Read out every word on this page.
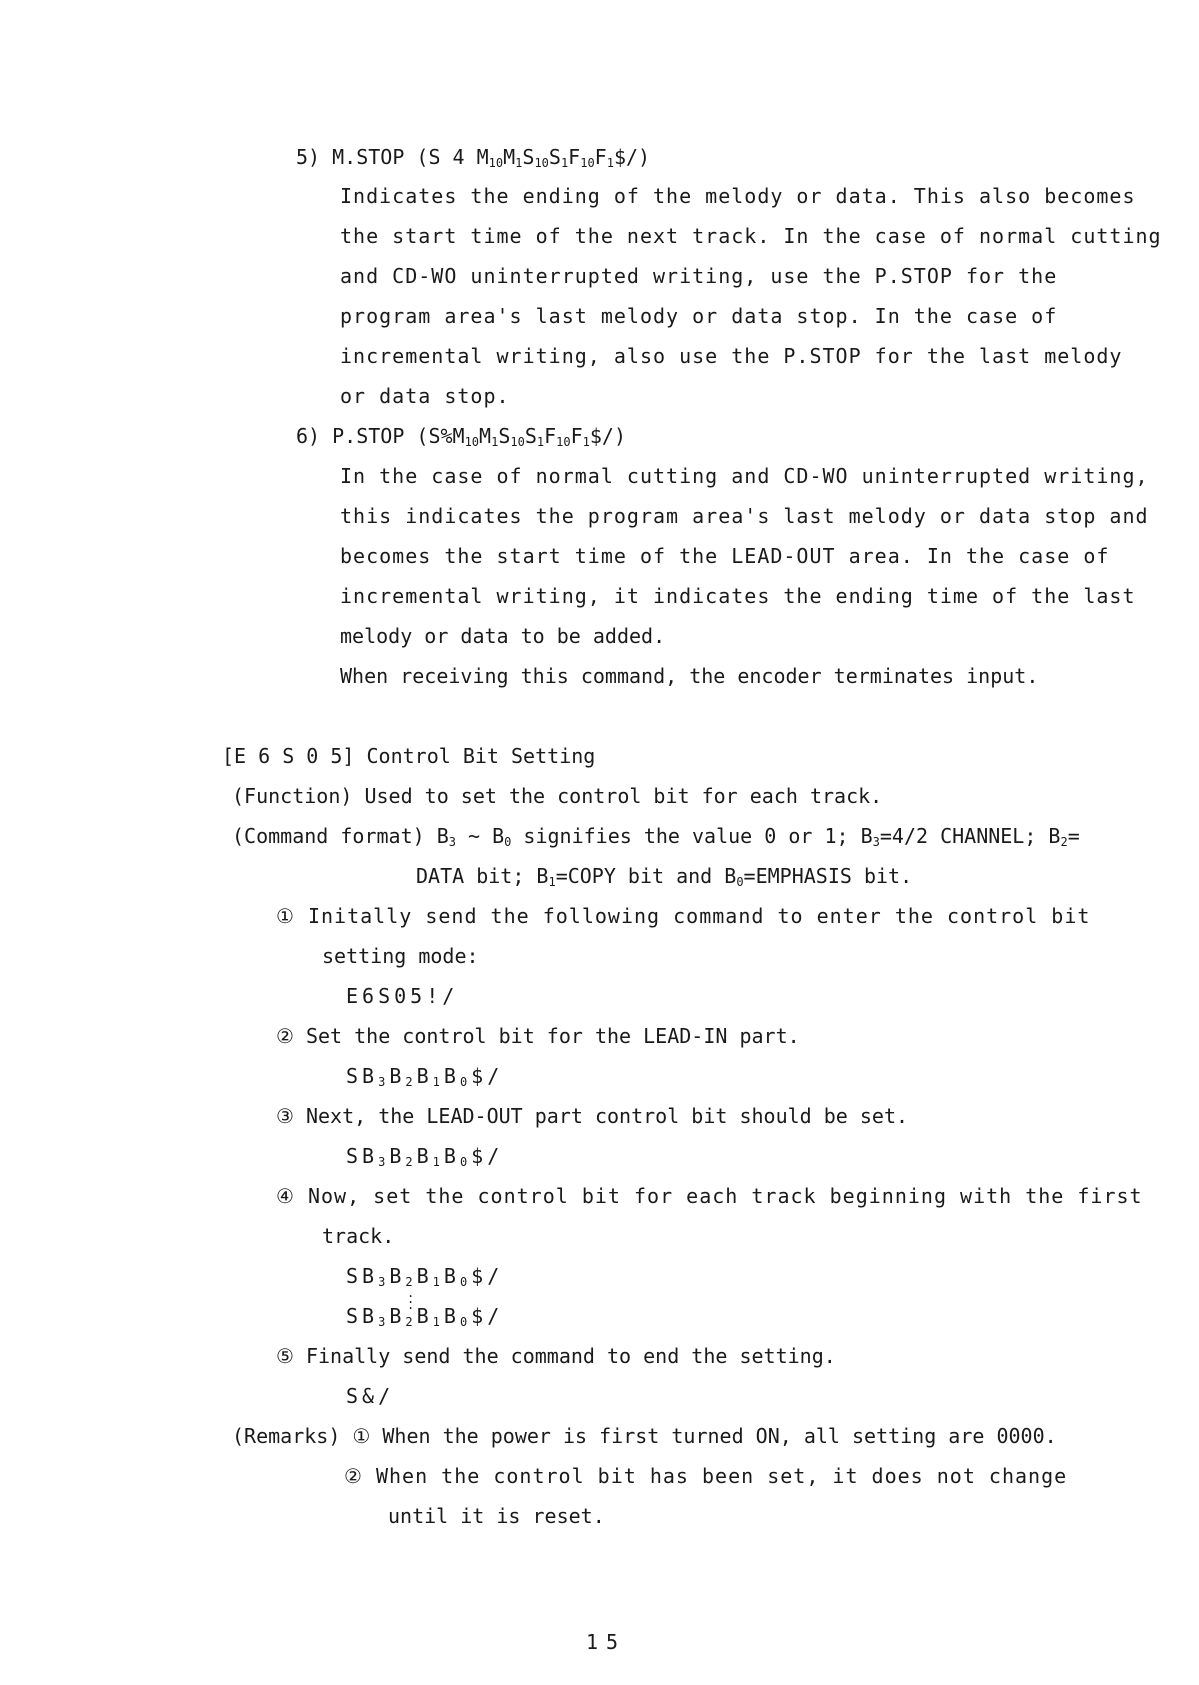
5) M.STOP (S 4 $M_{10}M_1S_{10}S_1F_{10}F_1\$/$)
Indicates the ending of the melody or data. This also becomes
the start time of the next track. In the case of normal cutting
and CD-WO uninterrupted writing, use the P.STOP for the
program area's last melody or data stop. In the case of
incremental writing, also use the P.STOP for the last melody
or data stop.
6) P.STOP $(S\%M_{10}M_1S_{10}S_1F_{10}F_1\$/)$
In the case of normal cutting and CD-WO uninterrupted writing,
this indicates the program area's last melody or data stop and
becomes the start time of the LEAD-OUT area. In the case of
incremental writing, it indicates the ending time of the last
melody or data to be added.
When receiving this command, the encoder terminates input.
[E 6 S 0 5] Control Bit Setting
(Function) Used to set the control bit for each track.
(Command format) $B_3$ ~ $B_0$ signifies the value 0 or 1; $B_3=4/2$ CHANNEL; $B_2=$
DATA bit; $B_1=COPY$ bit and $B_0=EMPHASIS$ bit.
① Initally send the following command to enter the control bit
setting mode:
E6S05!/
② Set the control bit for the LEAD-IN part.
$SB_3B_2B_1B_0\$/$
③ Next, the LEAD-OUT part control bit should be set.
$SB_3B_2B_1B_0\$/$
④ Now, set the control bit for each track beginning with the first
track.
$SB_3B_2B_1B_0\$/$
.
.
.
$SB_3B_2B_1B_0\$/$
⑤ Finally send the command to end the setting.
S&/
(Remarks) ① When the power is first turned ON, all setting are 0000.
② When the control bit has been set, it does not change
until it is reset.
15
